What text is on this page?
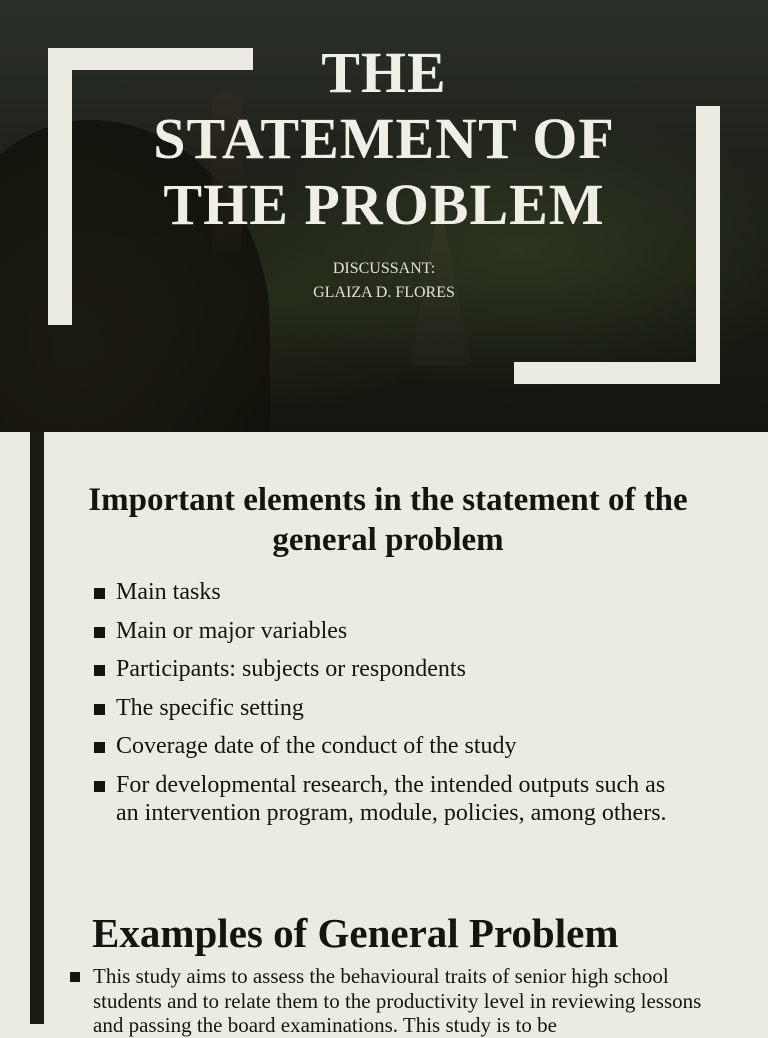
THE
STATEMENT OF
THE PROBLEM
DISCUSSANT:
GLAIZA D. FLORES
Important elements in the statement of the general problem
Main tasks
Main or major variables
Participants: subjects or respondents
The specific setting
Coverage date of the conduct of the study
For developmental research, the intended outputs such as an intervention program, module, policies, among others.
Examples of General Problem
This study aims to assess the behavioural traits of senior high school students and to relate them to the productivity level in reviewing lessons and passing the board examinations. This study is to be
